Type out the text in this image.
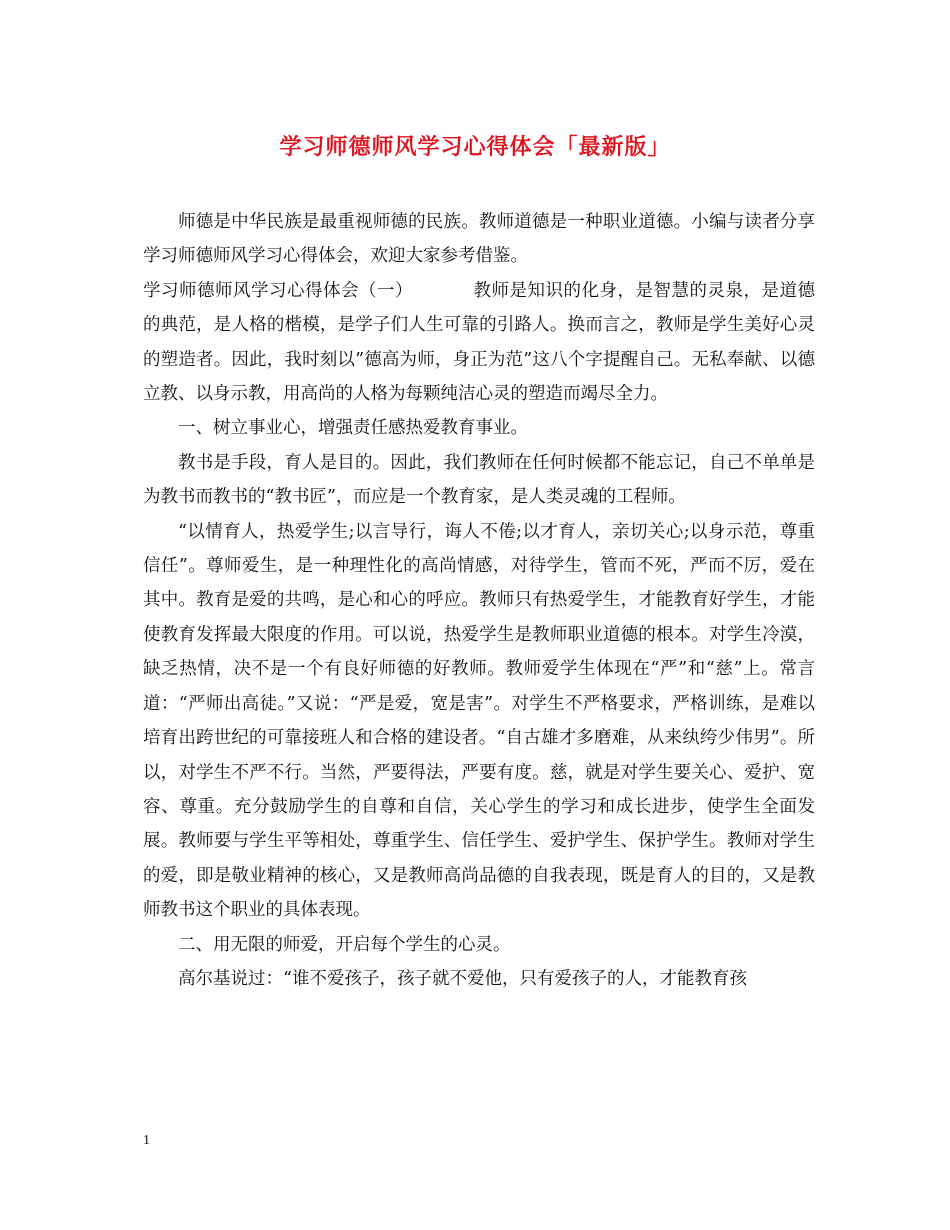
学习师德师风学习心得体会「最新版」

师德是中华民族是最重视师德的民族。教师道德是一种职业道德。小编与读者分享学习师德师风学习心得体会，欢迎大家参考借鉴。

学习师德师风学习心得体会（一）	教师是知识的化身，是智慧的灵泉，是道德的典范，是人格的楷模，是学子们人生可靠的引路人。换而言之，教师是学生美好心灵的塑造者。因此，我时刻以”德高为师，身正为范”这八个字提醒自己。无私奉献、以德立教、以身示教，用高尚的人格为每颗纯洁心灵的塑造而竭尽全力。

一、树立事业心，增强责任感热爱教育事业。

教书是手段，育人是目的。因此，我们教师在任何时候都不能忘记，自己不单单是为教书而教书的“教书匠”，而应是一个教育家，是人类灵魂的工程师。

“以情育人，热爱学生;以言导行，诲人不倦;以才育人，亲切关心;以身示范，尊重信任”。尊师爱生，是一种理性化的高尚情感，对待学生，管而不死，严而不厉，爱在其中。教育是爱的共鸣，是心和心的呼应。教师只有热爱学生，才能教育好学生，才能使教育发挥最大限度的作用。可以说，热爱学生是教师职业道德的根本。对学生冷漠，缺乏热情，决不是一个有良好师德的好教师。教师爱学生体现在“严”和“慈”上。常言道：“严师出高徒。”又说：“严是爱，宽是害”。对学生不严格要求，严格训练，是难以培育出跨世纪的可靠接班人和合格的建设者。“自古雄才多磨难，从来纨绔少伟男”。所以，对学生不严不行。当然，严要得法，严要有度。慈，就是对学生要关心、爱护、宽容、尊重。充分鼓励学生的自尊和自信，关心学生的学习和成长进步，使学生全面发展。教师要与学生平等相处，尊重学生、信任学生、爱护学生、保护学生。教师对学生的爱，即是敬业精神的核心，又是教师高尚品德的自我表现，既是育人的目的，又是教师教书这个职业的具体表现。

二、用无限的师爱，开启每个学生的心灵。

高尔基说过：“谁不爱孩子，孩子就不爱他，只有爱孩子的人，才能教育孩

1
